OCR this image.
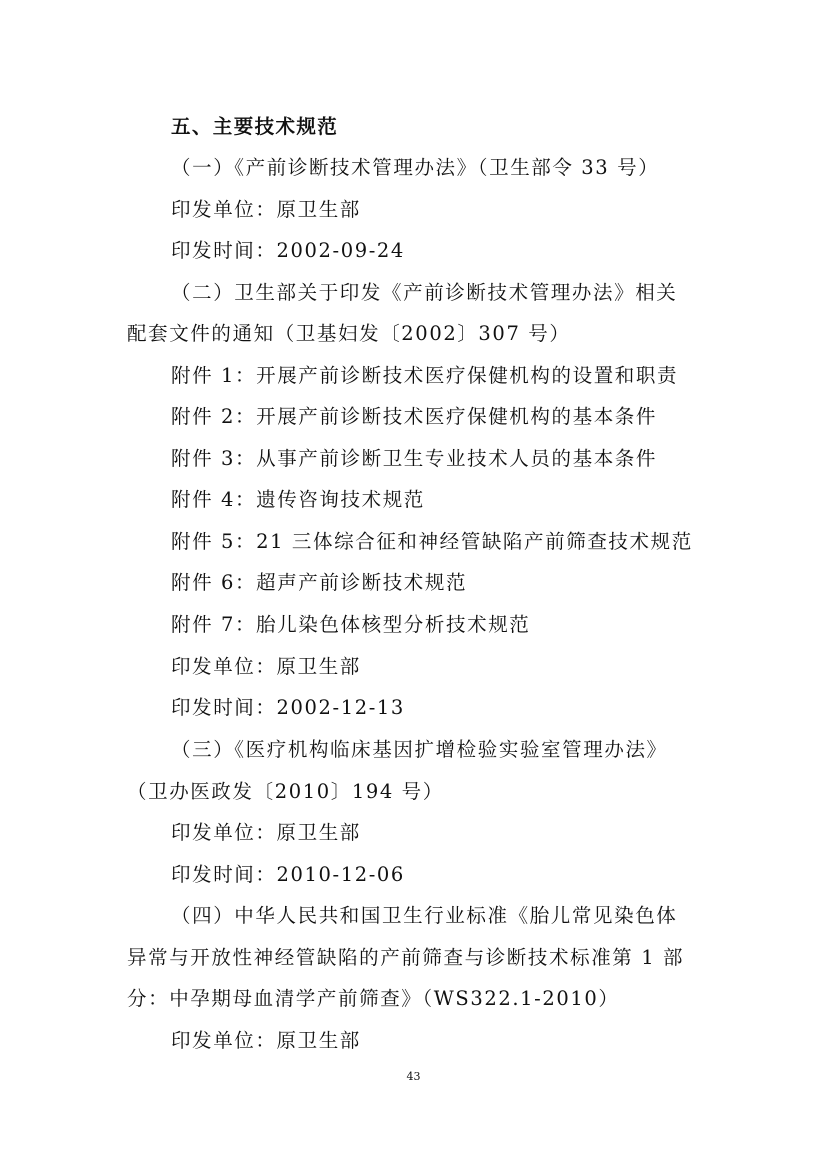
五、主要技术规范
（一）《产前诊断技术管理办法》（卫生部令 33 号）
印发单位：原卫生部
印发时间：2002-09-24
（二）卫生部关于印发《产前诊断技术管理办法》相关
配套文件的通知（卫基妇发〔2002〕307 号）
附件 1：开展产前诊断技术医疗保健机构的设置和职责
附件 2：开展产前诊断技术医疗保健机构的基本条件
附件 3：从事产前诊断卫生专业技术人员的基本条件
附件 4：遗传咨询技术规范
附件 5：21 三体综合征和神经管缺陷产前筛查技术规范
附件 6：超声产前诊断技术规范
附件 7：胎儿染色体核型分析技术规范
印发单位：原卫生部
印发时间：2002-12-13
（三）《医疗机构临床基因扩增检验实验室管理办法》
（卫办医政发〔2010〕194 号）
印发单位：原卫生部
印发时间：2010-12-06
（四）中华人民共和国卫生行业标准《胎儿常见染色体
异常与开放性神经管缺陷的产前筛查与诊断技术标准第 1 部
分：中孕期母血清学产前筛查》（WS322.1-2010）
印发单位：原卫生部
43
